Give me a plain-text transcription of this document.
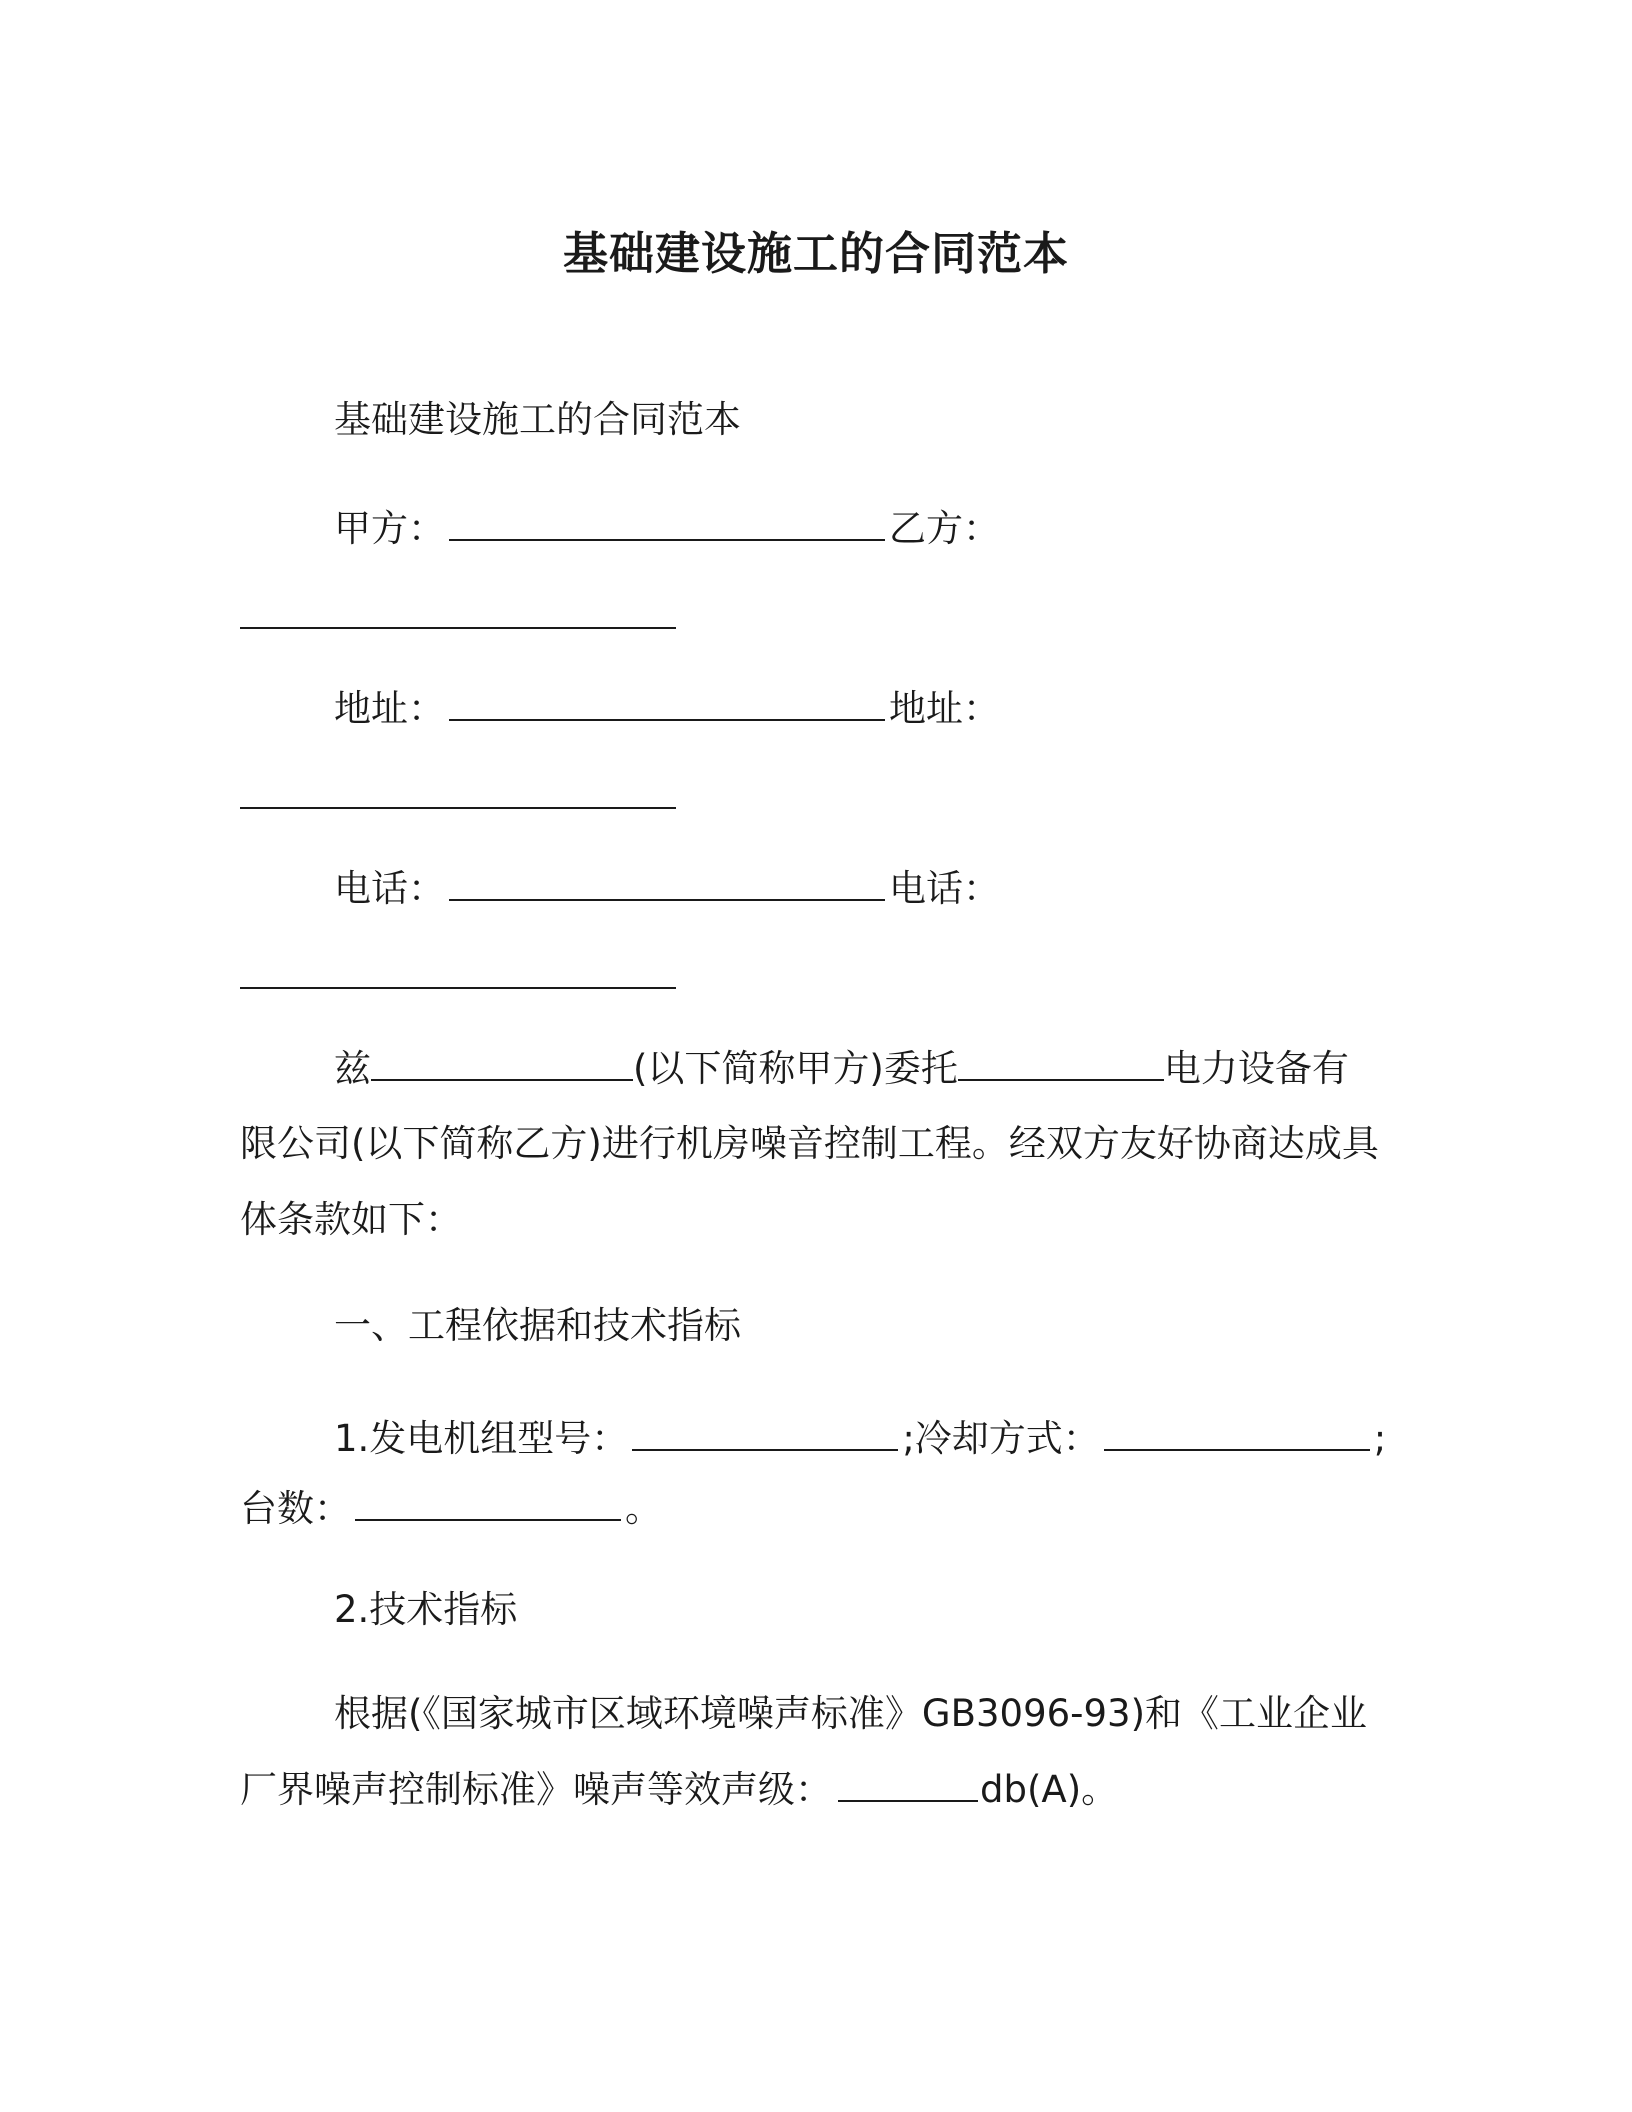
基础建设施工的合同范本
基础建设施工的合同范本
甲方：	乙方：
地址：	地址：
电话：	电话：
兹	(以下简称甲方)委托	电力设备有
限公司(以下简称乙方)进行机房噪音控制工程。经双方友好协商达成具
体条款如下：
一、工程依据和技术指标
1.发电机组型号：	;冷却方式：	;
台数：	。
2.技术指标
根据(《国家城市区域环境噪声标准》GB3096-93)和《工业企业
厂界噪声控制标准》噪声等效声级：	db(A)。
